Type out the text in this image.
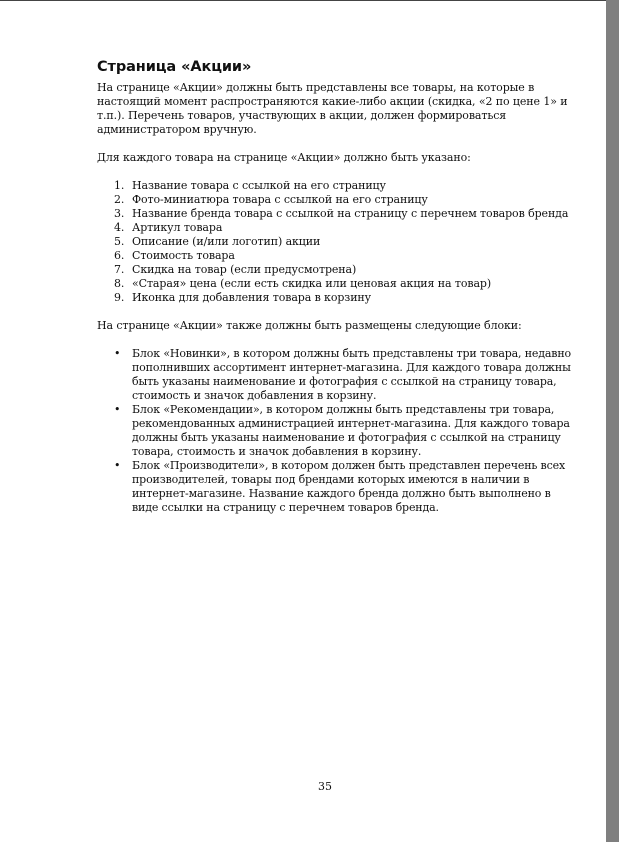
Страница «Акции»

На странице «Акции» должны быть представлены все товары, на которые в настоящий момент распространяются какие-либо акции (скидка, «2 по цене 1» и т.п.). Перечень товаров, участвующих в акции, должен формироваться администратором вручную.

Для каждого товара на странице «Акции» должно быть указано:

1. Название товара с ссылкой на его страницу
2. Фото-миниатюра товара с ссылкой на его страницу
3. Название бренда товара с ссылкой на страницу с перечнем товаров бренда
4. Артикул товара
5. Описание (и/или логотип) акции
6. Стоимость товара
7. Скидка на товар (если предусмотрена)
8. «Старая» цена (если есть скидка или ценовая акция на товар)
9. Иконка для добавления товара в корзину

На странице «Акции» также должны быть размещены следующие блоки:

• Блок «Новинки», в котором должны быть представлены три товара, недавно пополнивших ассортимент интернет-магазина. Для каждого товара должны быть указаны наименование и фотография с ссылкой на страницу товара, стоимость и значок добавления в корзину.
• Блок «Рекомендации», в котором должны быть представлены три товара, рекомендованных администрацией интернет-магазина. Для каждого товара должны быть указаны наименование и фотография с ссылкой на страницу товара, стоимость и значок добавления в корзину.
• Блок «Производители», в котором должен быть представлен перечень всех производителей, товары под брендами которых имеются в наличии в интернет-магазине. Название каждого бренда должно быть выполнено в виде ссылки на страницу с перечнем товаров бренда.
35
